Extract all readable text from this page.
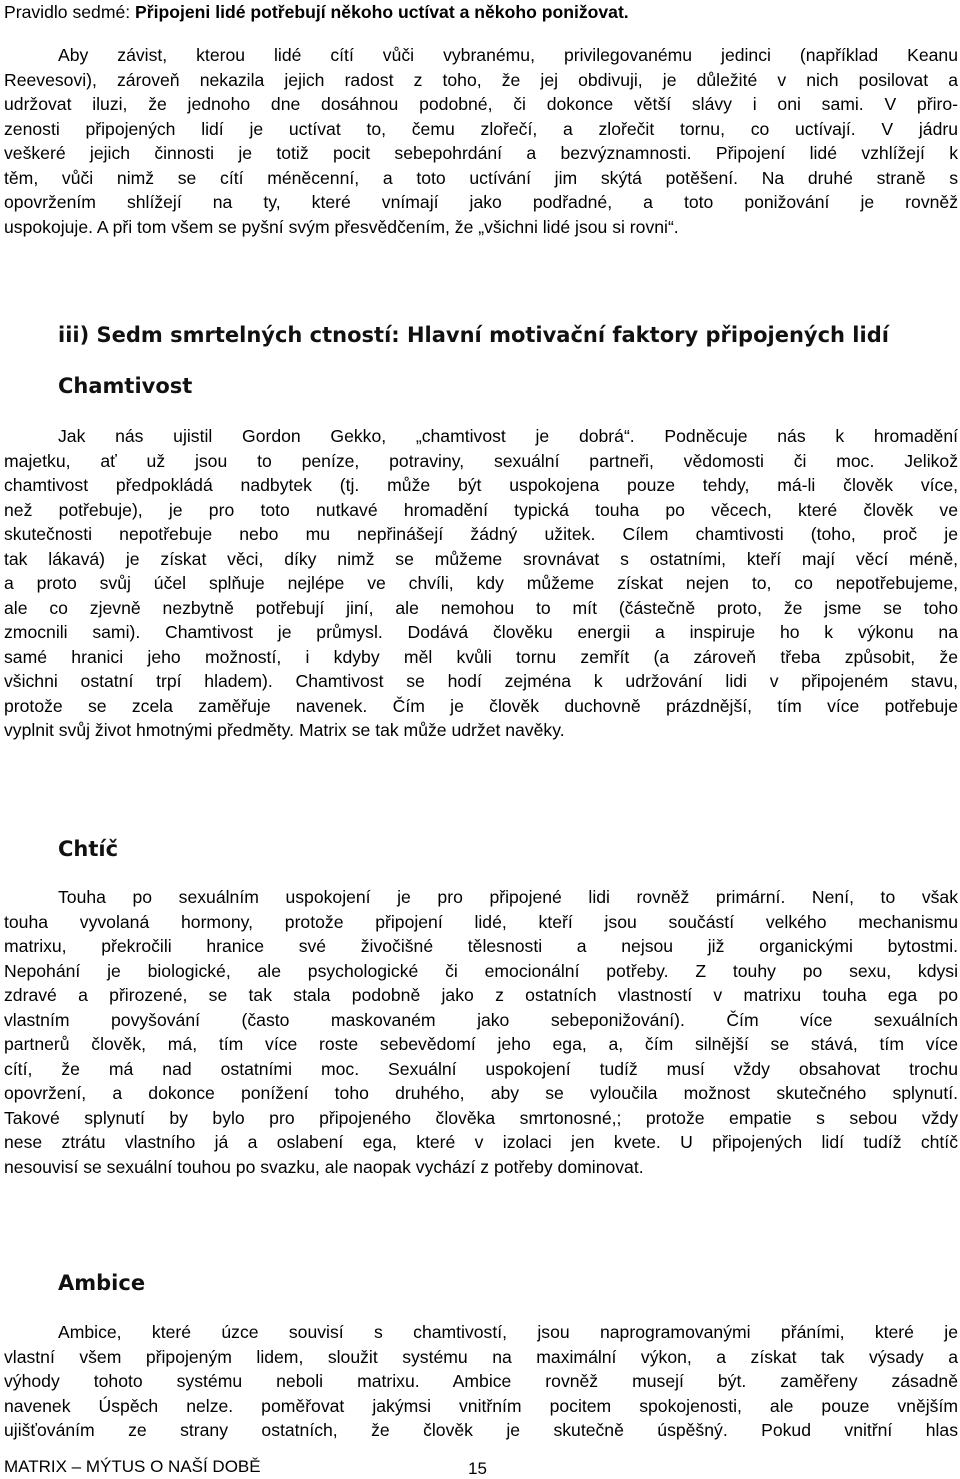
Pravidlo sedmé: Připojeni lidé potřebují někoho uctívat a někoho ponižovat.

Aby závist, kterou lidé cítí vůči vybranému, privilegovanému jedinci (například Keanu
Reevesovi), zároveň nekazila jejich radost z toho, že jej obdivuji, je důležité v nich posilovat a
udržovat iluzi, že jednoho dne dosáhnou podobné, či dokonce větší slávy i oni sami. V přiro-
zenosti připojených lidí je uctívat to, čemu zlořečí, a zlořečit tornu, co uctívají. V jádru
veškeré jejich činnosti je totiž pocit sebepohrdání a bezvýznamnosti. Připojení lidé vzhlížejí k
těm, vůči nimž se cítí méněcenní, a toto uctívání jim skýtá potěšení. Na druhé straně s
opovržením shlížejí na ty, které vnímají jako podřadné, a toto ponižování je rovněž
uspokojuje. A při tom všem se pyšní svým přesvědčením, že „všichni lidé jsou si rovni“.

iii) Sedm smrtelných ctností: Hlavní motivační faktory připojených lidí
Chamtivost

Jak nás ujistil Gordon Gekko, „chamtivost je dobrá“. Podněcuje nás k hromadění
majetku, ať už jsou to peníze, potraviny, sexuální partneři, vědomosti či moc. Jelikož
chamtivost předpokládá nadbytek (tj. může být uspokojena pouze tehdy, má-li člověk více,
než potřebuje), je pro toto nutkavé hromadění typická touha po věcech, které člověk ve
skutečnosti nepotřebuje nebo mu nepřinášejí žádný užitek. Cílem chamtivosti (toho, proč je
tak lákavá) je získat věci, díky nimž se můžeme srovnávat s ostatními, kteří mají věcí méně,
a proto svůj účel splňuje nejlépe ve chvíli, kdy můžeme získat nejen to, co nepotřebujeme,
ale co zjevně nezbytně potřebují jiní, ale nemohou to mít (částečně proto, že jsme se toho
zmocnili sami). Chamtivost je průmysl. Dodává člověku energii a inspiruje ho k výkonu na
samé hranici jeho možností, i kdyby měl kvůli tornu zemřít (a zároveň třeba způsobit, že
všichni ostatní trpí hladem). Chamtivost se hodí zejména k udržování lidi v připojeném stavu,
protože se zcela zaměřuje navenek. Čím je člověk duchovně prázdnější, tím více potřebuje
vyplnit svůj život hmotnými předměty. Matrix se tak může udržet navěky.

Chtíč

Touha po sexuálním uspokojení je pro připojené lidi rovněž primární. Není, to však
touha vyvolaná hormony, protože připojení lidé, kteří jsou součástí velkého mechanismu
matrixu, překročili hranice své živočišné tělesnosti a nejsou již organickými bytostmi.
Nepohání je biologické, ale psychologické či emocionální potřeby. Z touhy po sexu, kdysi
zdravé a přirozené, se tak stala podobně jako z ostatních vlastností v matrixu touha ega po
vlastním povyšování (často maskovaném jako sebeponižování). Čím více sexuálních
partnerů člověk, má, tím více roste sebevědomí jeho ega, a, čím silnější se stává, tím více
cítí, že má nad ostatními moc. Sexuální uspokojení tudíž musí vždy obsahovat trochu
opovržení, a dokonce ponížení toho druhého, aby se vyloučila možnost skutečného splynutí.
Takové splynutí by bylo pro připojeného člověka smrtonosné,; protože empatie s sebou vždy
nese ztrátu vlastního já a oslabení ega, které v izolaci jen kvete. U připojených lidí tudíž chtíč
nesouvisí se sexuální touhou po svazku, ale naopak vychází z potřeby dominovat.

Ambice

Ambice, které úzce souvisí s chamtivostí, jsou naprogramovanými přáními, které je
vlastní všem připojeným lidem, sloužit systému na maximální výkon, a získat tak výsady a
výhody tohoto systému neboli matrixu. Ambice rovněž musejí být. zaměřeny zásadně
navenek Úspěch nelze. poměřovat jakýmsi vnitřním pocitem spokojenosti, ale pouze vnějším
ujišťováním ze strany ostatních, že člověk je skutečně úspěšný. Pokud vnitřní hlas

MATRIX – MÝTUS O NAŠÍ DOBĚ	15
